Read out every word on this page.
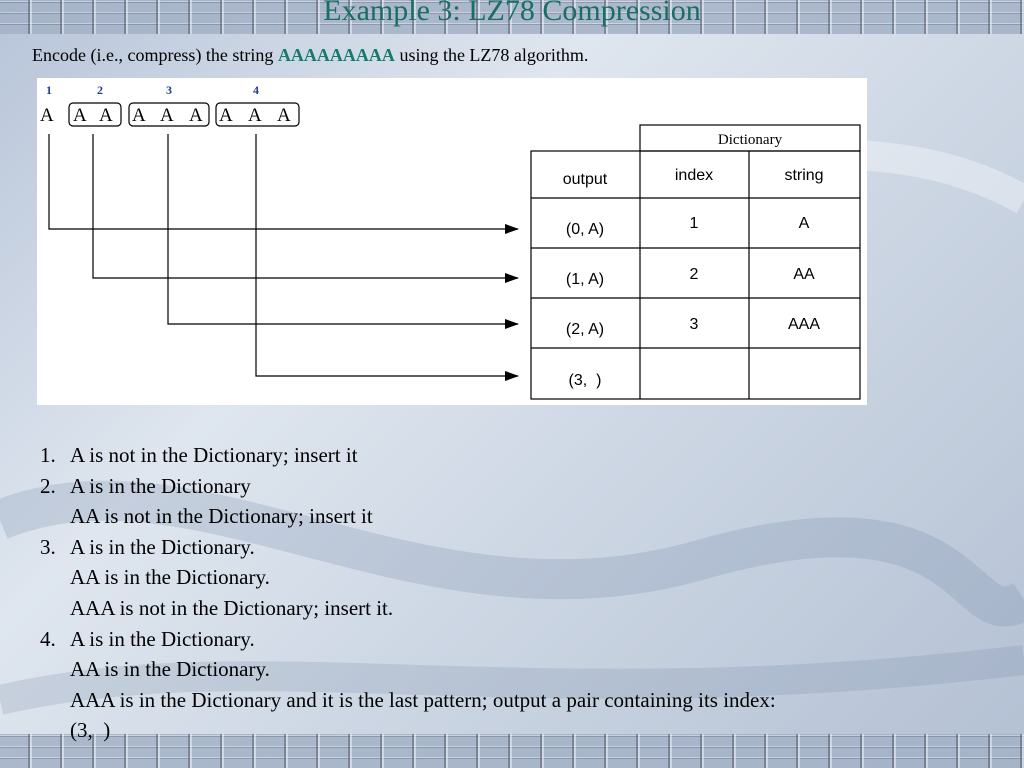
Example 3: LZ78 Compression
Encode (i.e., compress) the string AAAAAAAAA using the LZ78 algorithm.
1	2	3	4
A A A A A A A A A
Dictionary
output	index	string
(0, A)	1	A
(1, A)	2	AA
(2, A)	3	AAA
(3,  )
1. A is not in the Dictionary; insert it
2. A is in the Dictionary
AA is not in the Dictionary; insert it
3. A is in the Dictionary.
AA is in the Dictionary.
AAA is not in the Dictionary; insert it.
4. A is in the Dictionary.
AA is in the Dictionary.
AAA is in the Dictionary and it is the last pattern; output a pair containing its index:
(3,  )
